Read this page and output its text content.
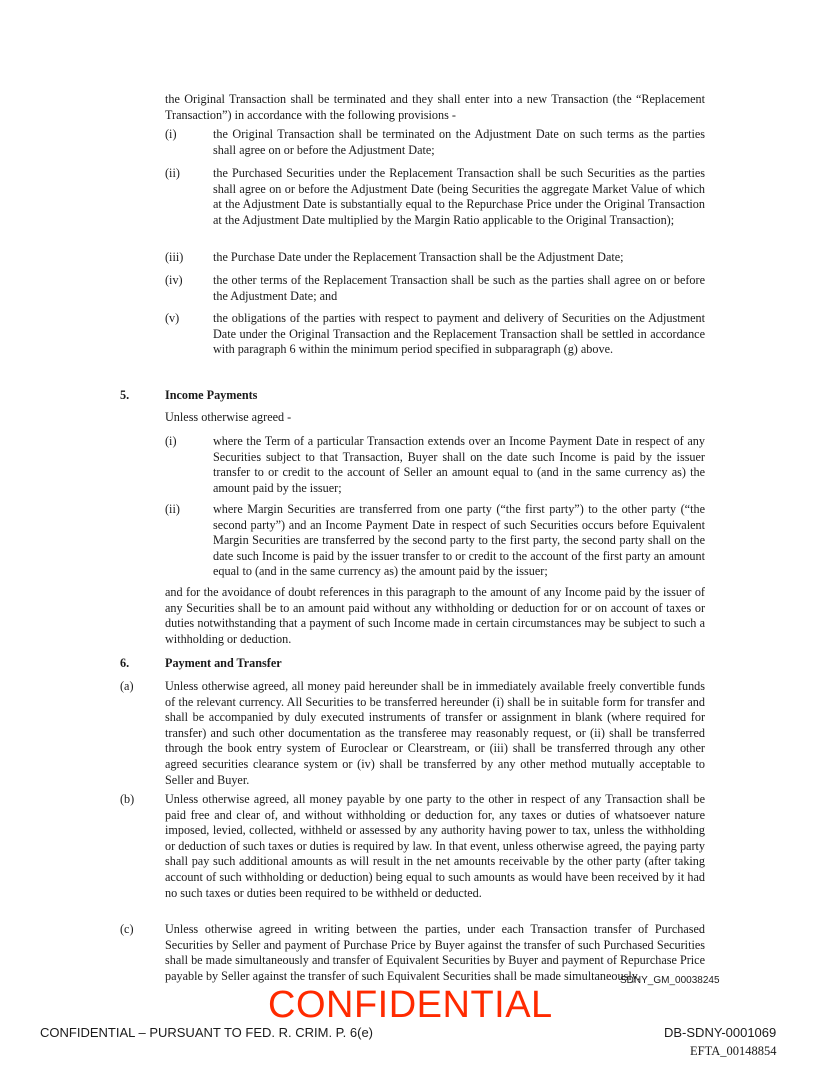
the Original Transaction shall be terminated and they shall enter into a new Transaction (the “Replacement Transaction”) in accordance with the following provisions -
(i)	the Original Transaction shall be terminated on the Adjustment Date on such terms as the parties shall agree on or before the Adjustment Date;
(ii)	the Purchased Securities under the Replacement Transaction shall be such Securities as the parties shall agree on or before the Adjustment Date (being Securities the aggregate Market Value of which at the Adjustment Date is substantially equal to the Repurchase Price under the Original Transaction at the Adjustment Date multiplied by the Margin Ratio applicable to the Original Transaction);
(iii)	the Purchase Date under the Replacement Transaction shall be the Adjustment Date;
(iv)	the other terms of the Replacement Transaction shall be such as the parties shall agree on or before the Adjustment Date; and
(v)	the obligations of the parties with respect to payment and delivery of Securities on the Adjustment Date under the Original Transaction and the Replacement Transaction shall be settled in accordance with paragraph 6 within the minimum period specified in subparagraph (g) above.
5.	Income Payments
Unless otherwise agreed -
(i)	where the Term of a particular Transaction extends over an Income Payment Date in respect of any Securities subject to that Transaction, Buyer shall on the date such Income is paid by the issuer transfer to or credit to the account of Seller an amount equal to (and in the same currency as) the amount paid by the issuer;
(ii)	where Margin Securities are transferred from one party (“the first party”) to the other party (“the second party”) and an Income Payment Date in respect of such Securities occurs before Equivalent Margin Securities are transferred by the second party to the first party, the second party shall on the date such Income is paid by the issuer transfer to or credit to the account of the first party an amount equal to (and in the same currency as) the amount paid by the issuer;
and for the avoidance of doubt references in this paragraph to the amount of any Income paid by the issuer of any Securities shall be to an amount paid without any withholding or deduction for or on account of taxes or duties notwithstanding that a payment of such Income made in certain circumstances may be subject to such a withholding or deduction.
6.	Payment and Transfer
(a)	Unless otherwise agreed, all money paid hereunder shall be in immediately available freely convertible funds of the relevant currency. All Securities to be transferred hereunder (i) shall be in suitable form for transfer and shall be accompanied by duly executed instruments of transfer or assignment in blank (where required for transfer) and such other documentation as the transferee may reasonably request, or (ii) shall be transferred through the book entry system of Euroclear or Clearstream, or (iii) shall be transferred through any other agreed securities clearance system or (iv) shall be transferred by any other method mutually acceptable to Seller and Buyer.
(b)	Unless otherwise agreed, all money payable by one party to the other in respect of any Transaction shall be paid free and clear of, and without withholding or deduction for, any taxes or duties of whatsoever nature imposed, levied, collected, withheld or assessed by any authority having power to tax, unless the withholding or deduction of such taxes or duties is required by law. In that event, unless otherwise agreed, the paying party shall pay such additional amounts as will result in the net amounts receivable by the other party (after taking account of such withholding or deduction) being equal to such amounts as would have been received by it had no such taxes or duties been required to be withheld or deducted.
(c)	Unless otherwise agreed in writing between the parties, under each Transaction transfer of Purchased Securities by Seller and payment of Purchase Price by Buyer against the transfer of such Purchased Securities shall be made simultaneously and transfer of Equivalent Securities by Buyer and payment of Repurchase Price payable by Seller against the transfer of such Equivalent Securities shall be made simultaneously.
SDNY_GM_00038245
CONFIDENTIAL
CONFIDENTIAL – PURSUANT TO FED. R. CRIM. P. 6(e)	DB-SDNY-0001069
EFTA_00148854
